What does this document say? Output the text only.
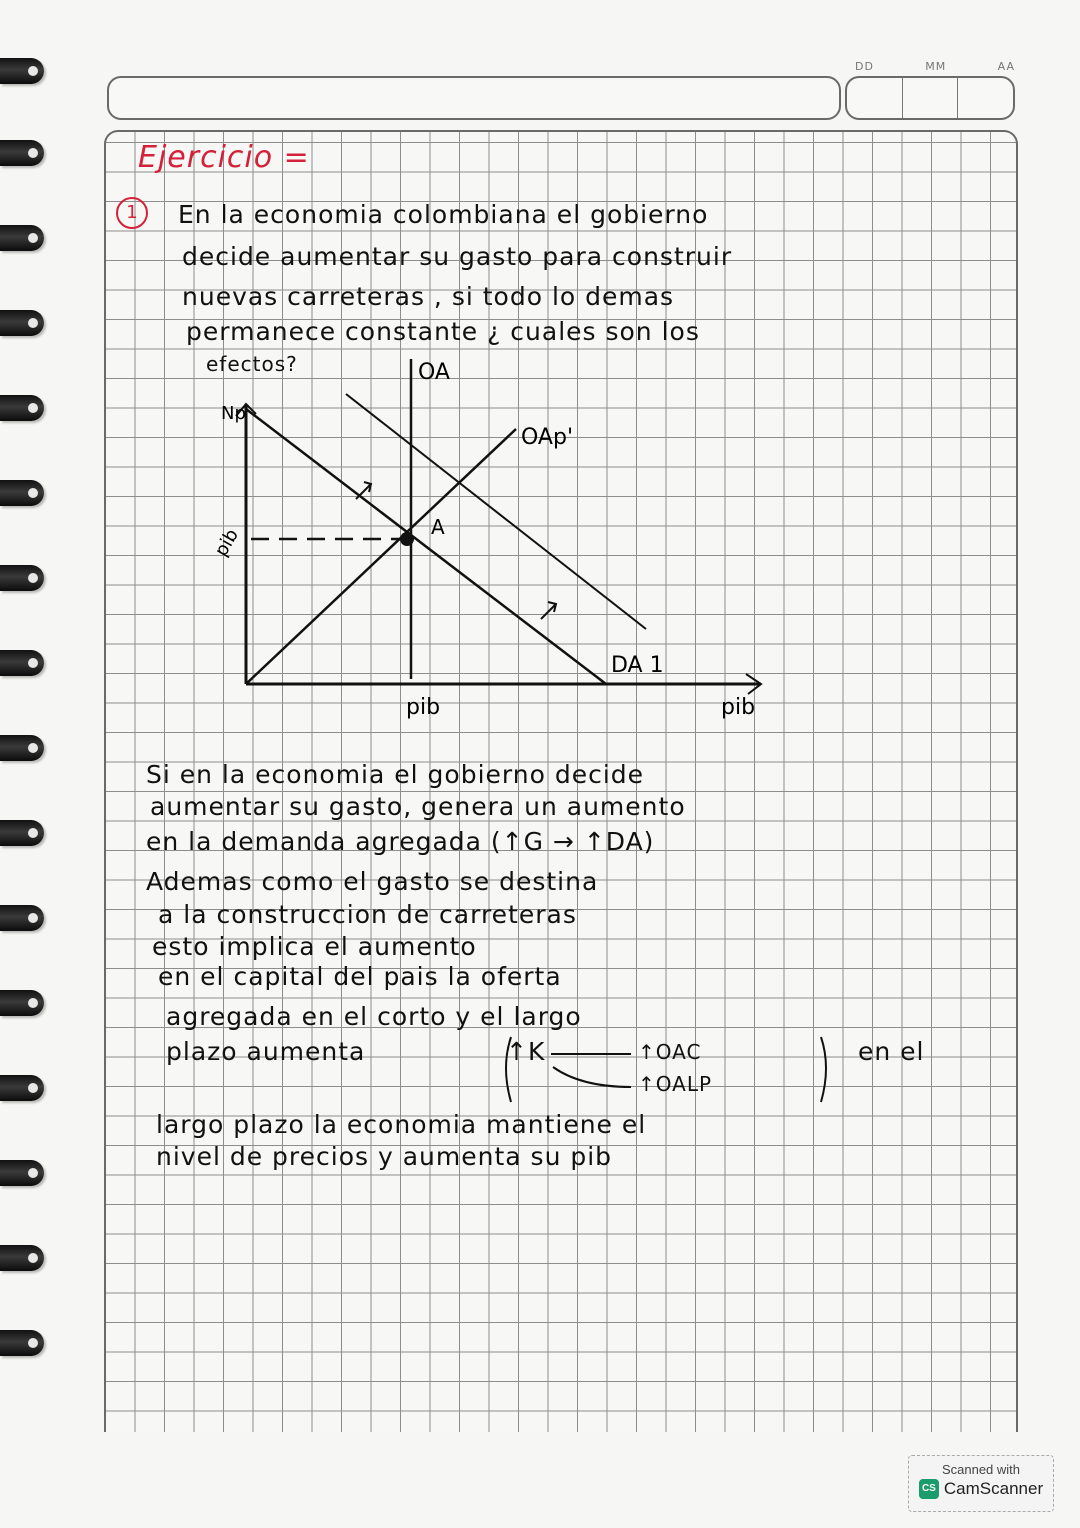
DD	MM	AA
Ejercicio =
1	En la economia colombiana el gobierno
decide aumentar su gasto para construir
nuevas carreteras , si todo lo demas
permanece constante ¿ cuales son los
efectos?	OA
OAp'
DA 1
A
Np
pib
pib	pib
Si en la economia el gobierno decide
aumentar su gasto, genera un aumento
en la demanda agregada (↑G → ↑DA)
Ademas como el gasto se destina
a la construccion de carreteras
esto implica el aumento
en el capital del pais la oferta
agregada en el corto y el largo
plazo aumenta	↑K	↑OAC
↑OALP
en el
largo plazo la economia mantiene el
nivel de precios y aumenta su pib
Scanned with
CS CamScanner
